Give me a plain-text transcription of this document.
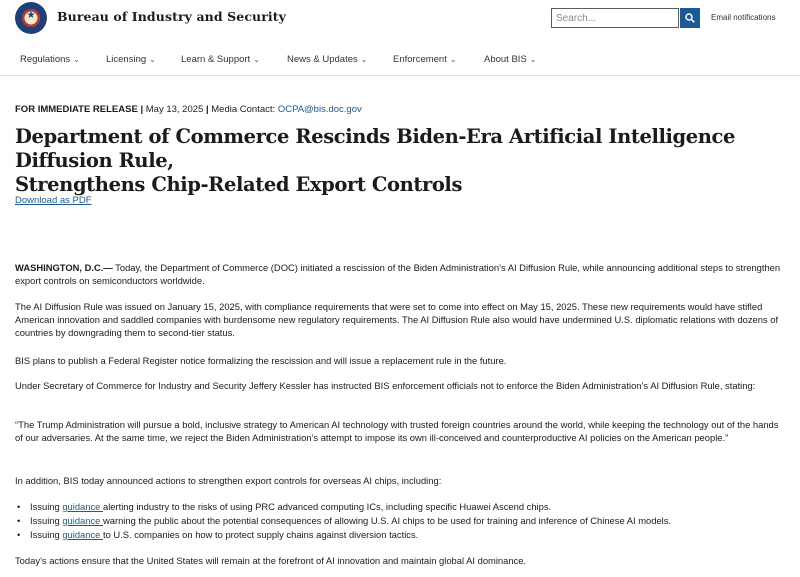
★ Bureau of Industry and Security
Search...	Email notifications
Regulations ⌄	Licensing ⌄	Learn & Support ⌄	News & Updates ⌄	Enforcement ⌄	About BIS ⌄
FOR IMMEDIATE RELEASE | May 13, 2025 | Media Contact: OCPA@bis.doc.gov
Department of Commerce Rescinds Biden-Era Artificial Intelligence Diffusion Rule,
Strengthens Chip-Related Export Controls
Download as PDF

WASHINGTON, D.C.— Today, the Department of Commerce (DOC) initiated a rescission of the Biden Administration’s AI Diffusion Rule, while announcing additional steps to strengthen export controls on semiconductors worldwide.

The AI Diffusion Rule was issued on January 15, 2025, with compliance requirements that were set to come into effect on May 15, 2025. These new requirements would have stifled American innovation and saddled companies with burdensome new regulatory requirements. The AI Diffusion Rule also would have undermined U.S. diplomatic relations with dozens of countries by downgrading them to second-tier status.

BIS plans to publish a Federal Register notice formalizing the rescission and will issue a replacement rule in the future.

Under Secretary of Commerce for Industry and Security Jeffery Kessler has instructed BIS enforcement officials not to enforce the Biden Administration’s AI Diffusion Rule, stating:

“The Trump Administration will pursue a bold, inclusive strategy to American AI technology with trusted foreign countries around the world, while keeping the technology out of the hands of our adversaries. At the same time, we reject the Biden Administration’s attempt to impose its own ill-conceived and counterproductive AI policies on the American people.”

In addition, BIS today announced actions to strengthen export controls for overseas AI chips, including:

• Issuing guidance alerting industry to the risks of using PRC advanced computing ICs, including specific Huawei Ascend chips.
• Issuing guidance warning the public about the potential consequences of allowing U.S. AI chips to be used for training and inference of Chinese AI models.
• Issuing guidance to U.S. companies on how to protect supply chains against diversion tactics.

Today’s actions ensure that the United States will remain at the forefront of AI innovation and maintain global AI dominance.
